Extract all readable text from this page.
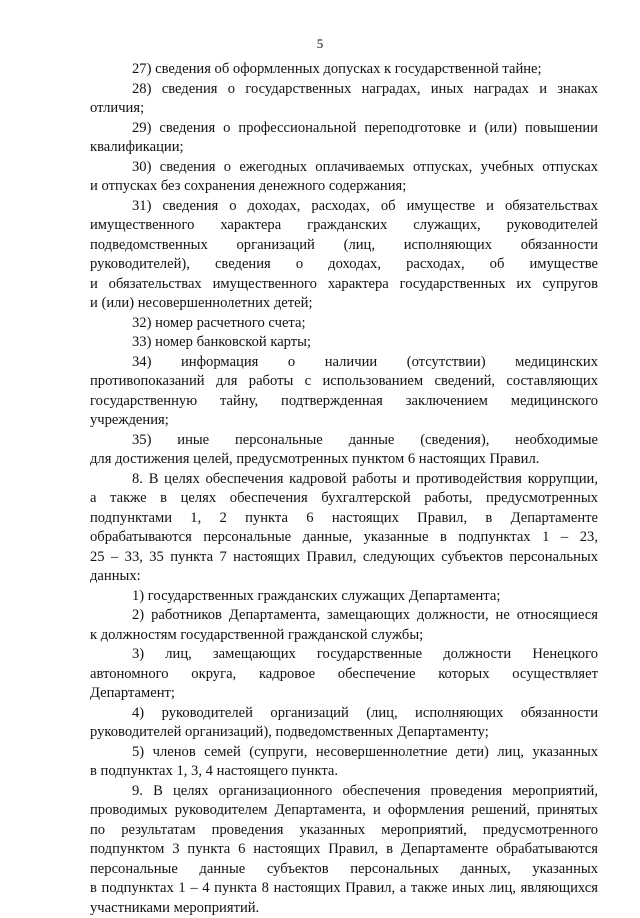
5
27) сведения об оформленных допусках к государственной тайне;
28) сведения о государственных наградах, иных наградах и знаках
отличия;
29) сведения о профессиональной переподготовке и (или) повышении
квалификации;
30) сведения о ежегодных оплачиваемых отпусках, учебных отпусках
и отпусках без сохранения денежного содержания;
31) сведения о доходах, расходах, об имуществе и обязательствах
имущественного характера гражданских служащих, руководителей
подведомственных организаций (лиц, исполняющих обязанности
руководителей), сведения о доходах, расходах, об имуществе
и обязательствах имущественного характера государственных их супругов
и (или) несовершеннолетних детей;
32) номер расчетного счета;
33) номер банковской карты;
34) информация о наличии (отсутствии) медицинских
противопоказаний для работы с использованием сведений, составляющих
государственную тайну, подтвержденная заключением медицинского
учреждения;
35) иные персональные данные (сведения), необходимые
для достижения целей, предусмотренных пунктом 6 настоящих Правил.
8. В целях обеспечения кадровой работы и противодействия коррупции,
а также в целях обеспечения бухгалтерской работы, предусмотренных
подпунктами 1, 2 пункта 6 настоящих Правил, в Департаменте
обрабатываются персональные данные, указанные в подпунктах 1 – 23,
25 – 33, 35 пункта 7 настоящих Правил, следующих субъектов персональных
данных:
1) государственных гражданских служащих Департамента;
2) работников Департамента, замещающих должности, не относящиеся
к должностям государственной гражданской службы;
3) лиц, замещающих государственные должности Ненецкого
автономного округа, кадровое обеспечение которых осуществляет
Департамент;
4) руководителей организаций (лиц, исполняющих обязанности
руководителей организаций), подведомственных Департаменту;
5) членов семей (супруги, несовершеннолетние дети) лиц, указанных
в подпунктах 1, 3, 4 настоящего пункта.
9. В целях организационного обеспечения проведения мероприятий,
проводимых руководителем Департамента, и оформления решений, принятых
по результатам проведения указанных мероприятий, предусмотренного
подпунктом 3 пункта 6 настоящих Правил, в Департаменте обрабатываются
персональные данные субъектов персональных данных, указанных
в подпунктах 1 – 4 пункта 8 настоящих Правил, а также иных лиц, являющихся
участниками мероприятий.
